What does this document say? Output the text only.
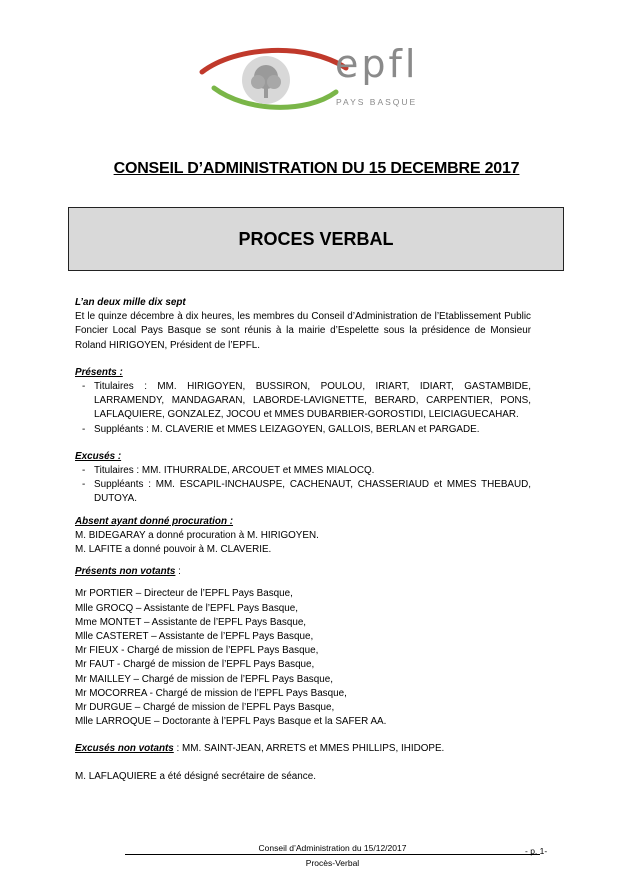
epfl
PAYS BASQUE
CONSEIL D’ADMINISTRATION DU 15 DECEMBRE 2017
PROCES VERBAL

L’an deux mille dix sept

Et le quinze décembre à dix heures, les membres du Conseil d’Administration de l’Etablissement Public Foncier Local Pays Basque se sont réunis à la mairie d’Espelette sous la présidence de Monsieur Roland HIRIGOYEN, Président de l’EPFL.

Présents :

- Titulaires : MM. HIRIGOYEN, BUSSIRON, POULOU, IRIART, IDIART, GASTAMBIDE, LARRAMENDY, MANDAGARAN, LABORDE-LAVIGNETTE, BERARD, CARPENTIER, PONS, LAFLAQUIERE, GONZALEZ, JOCOU et MMES DUBARBIER-GOROSTIDI, LEICIAGUECAHAR.
- Suppléants : M. CLAVERIE et MMES LEIZAGOYEN, GALLOIS, BERLAN et PARGADE.

Excusés :

- Titulaires : MM. ITHURRALDE, ARCOUET et MMES MIALOCQ.
- Suppléants : MM. ESCAPIL-INCHAUSPE, CACHENAUT, CHASSERIAUD et MMES THEBAUD, DUTOYA.

Absent ayant donné procuration :

M. BIDEGARAY a donné procuration à M. HIRIGOYEN.

M. LAFITE a donné pouvoir à M. CLAVERIE.

Présents non votants :

Mr PORTIER – Directeur de l’EPFL Pays Basque,

Mlle GROCQ – Assistante de l’EPFL Pays Basque,

Mme MONTET – Assistante de l’EPFL Pays Basque,

Mlle CASTERET – Assistante de l’EPFL Pays Basque,

Mr FIEUX - Chargé de mission de l’EPFL Pays Basque,

Mr FAUT - Chargé de mission de l’EPFL Pays Basque,

Mr MAILLEY – Chargé de mission de l’EPFL Pays Basque,

Mr MOCORREA - Chargé de mission de l’EPFL Pays Basque,

Mr DURGUE – Chargé de mission de l’EPFL Pays Basque,

Mlle LARROQUE – Doctorante à l’EPFL Pays Basque et la SAFER AA.

Excusés non votants : MM. SAINT-JEAN, ARRETS et MMES PHILLIPS, IHIDOPE.

M. LAFLAQUIERE a été désigné secrétaire de séance.

Conseil d’Administration du 15/12/2017
Procès-Verbal
- p. 1-
